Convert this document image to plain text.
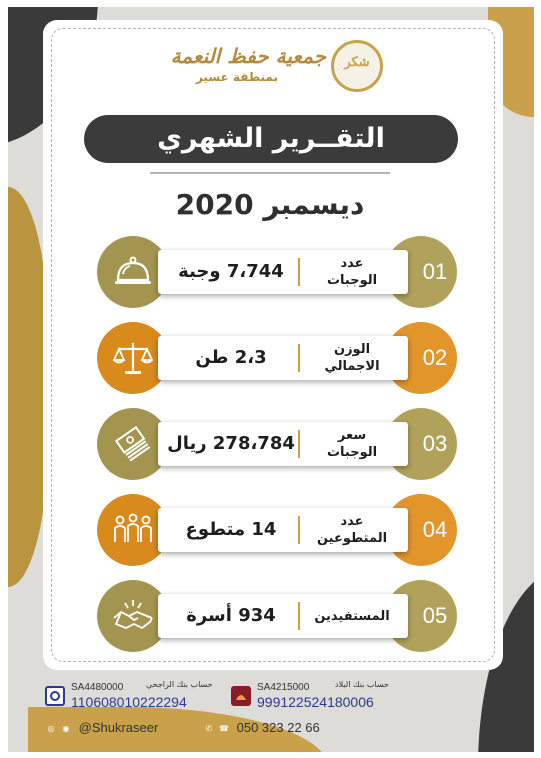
شكر
جمعية حفظ النعمة
بمنطقة عسير
التقــرير الشهري
ديسمبر 2020
01
7،744 وجبة	عدد
الوجبات
02
2،3 طن	الوزن
الاجمالي
03
278،784 ريال	سعر
الوجبات
04
14 متطوع	عدد
المتطوعين
05
934 أسرة	المستفيدين
SA4480000	حساب بنك الراجحي
110608010222294
SA4215000	حساب بنك البلاد
999122524180006
◎ ◉ @Shukraseer	✆ ☎ 050 323 22 66
